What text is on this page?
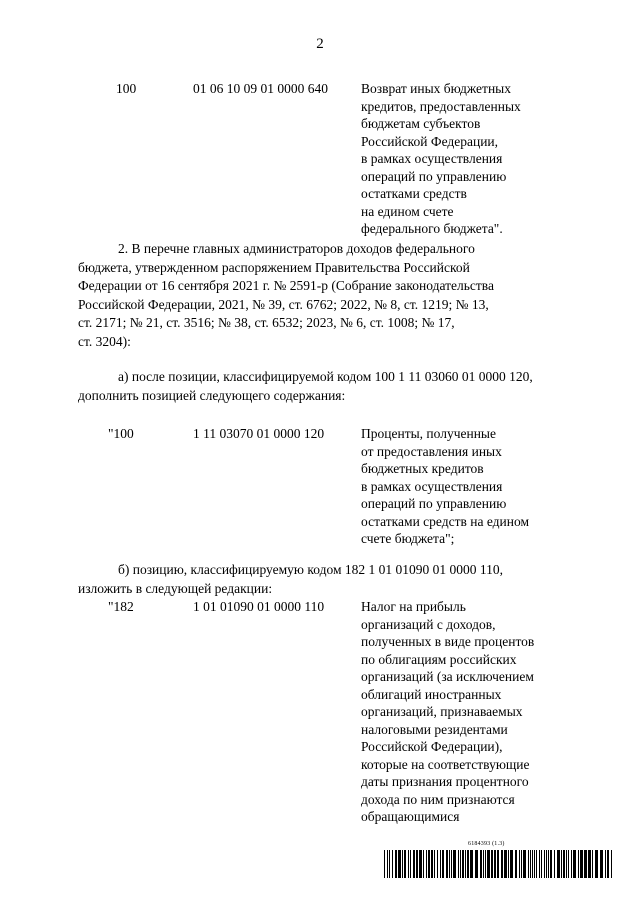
2
100	01 06 10 09 01 0000 640 Возврат иных бюджетных
кредитов, предоставленных
бюджетам субъектов
Российской Федерации,
в рамках осуществления
операций по управлению
остатками средств
на едином счете
федерального бюджета".
2. В перечне главных администраторов доходов федерального
бюджета, утвержденном распоряжением Правительства Российской
Федерации от 16 сентября 2021 г. № 2591-р (Собрание законодательства
Российской Федерации, 2021, № 39, ст. 6762; 2022, № 8, ст. 1219; № 13,
ст. 2171; № 21, ст. 3516; № 38, ст. 6532; 2023, № 6, ст. 1008; № 17,
ст. 3204):
а) после позиции, классифицируемой кодом 100 1 11 03060 01 0000 120,
дополнить позицией следующего содержания:
"100	1 11 03070 01 0000 120	Проценты, полученные
от предоставления иных
бюджетных кредитов
в рамках осуществления
операций по управлению
остатками средств на едином
счете бюджета";
б) позицию, классифицируемую кодом 182 1 01 01090 01 0000 110,
изложить в следующей редакции:
"182	1 01 01090 01 0000 110	Налог на прибыль
организаций с доходов,
полученных в виде процентов
по облигациям российских
организаций (за исключением
облигаций иностранных
организаций, признаваемых
налоговыми резидентами
Российской Федерации),
которые на соответствующие
даты признания процентного
дохода по ним признаются
обращающимися
6184393 (1.3)
